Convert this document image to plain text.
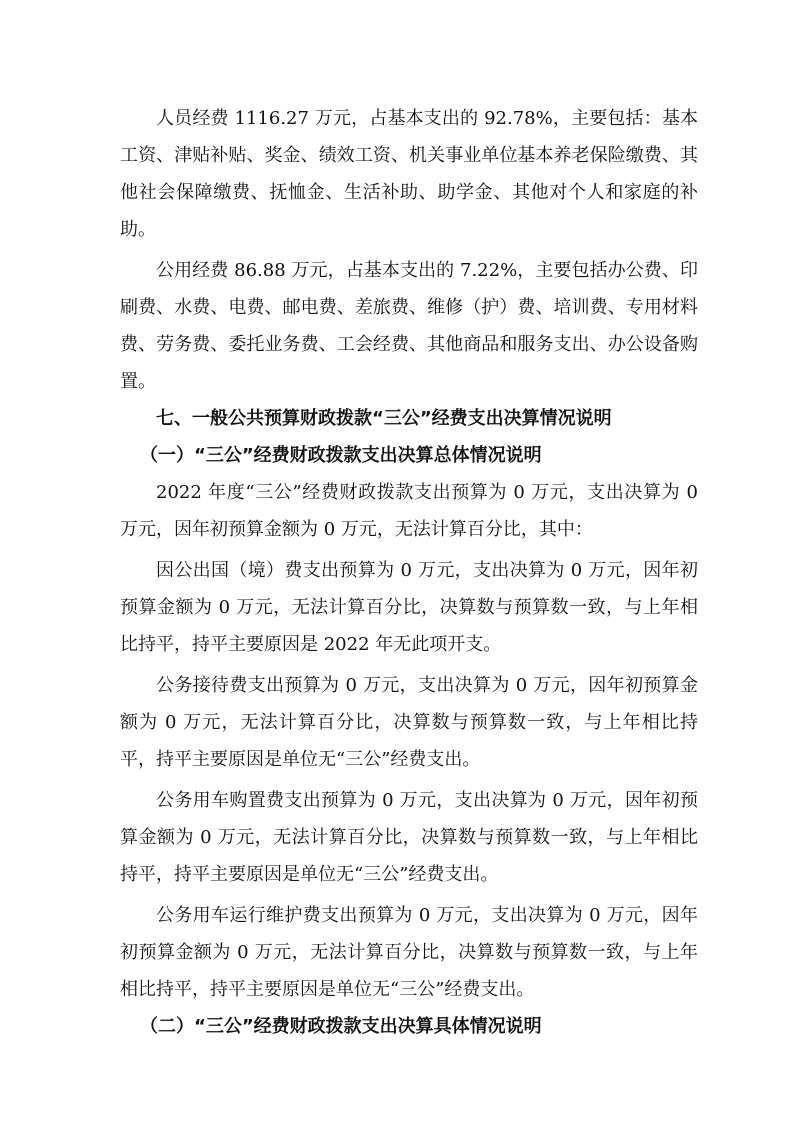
人员经费 1116.27 万元，占基本支出的 92.78%，主要包括：基本工资、津贴补贴、奖金、绩效工资、机关事业单位基本养老保险缴费、其他社会保障缴费、抚恤金、生活补助、助学金、其他对个人和家庭的补助。

公用经费 86.88 万元，占基本支出的 7.22%，主要包括办公费、印刷费、水费、电费、邮电费、差旅费、维修（护）费、培训费、专用材料费、劳务费、委托业务费、工会经费、其他商品和服务支出、办公设备购置。

七、一般公共预算财政拨款“三公”经费支出决算情况说明
（一）“三公”经费财政拨款支出决算总体情况说明

2022 年度“三公”经费财政拨款支出预算为 0 万元，支出决算为 0 万元，因年初预算金额为 0 万元，无法计算百分比，其中：

因公出国（境）费支出预算为 0 万元，支出决算为 0 万元，因年初预算金额为 0 万元，无法计算百分比，决算数与预算数一致，与上年相比持平，持平主要原因是 2022 年无此项开支。

公务接待费支出预算为 0 万元，支出决算为 0 万元，因年初预算金额为 0 万元，无法计算百分比，决算数与预算数一致，与上年相比持平，持平主要原因是单位无“三公”经费支出。

公务用车购置费支出预算为 0 万元，支出决算为 0 万元，因年初预算金额为 0 万元，无法计算百分比，决算数与预算数一致，与上年相比持平，持平主要原因是单位无“三公”经费支出。

公务用车运行维护费支出预算为 0 万元，支出决算为 0 万元，因年初预算金额为 0 万元，无法计算百分比，决算数与预算数一致，与上年相比持平，持平主要原因是单位无“三公”经费支出。

（二）“三公”经费财政拨款支出决算具体情况说明
